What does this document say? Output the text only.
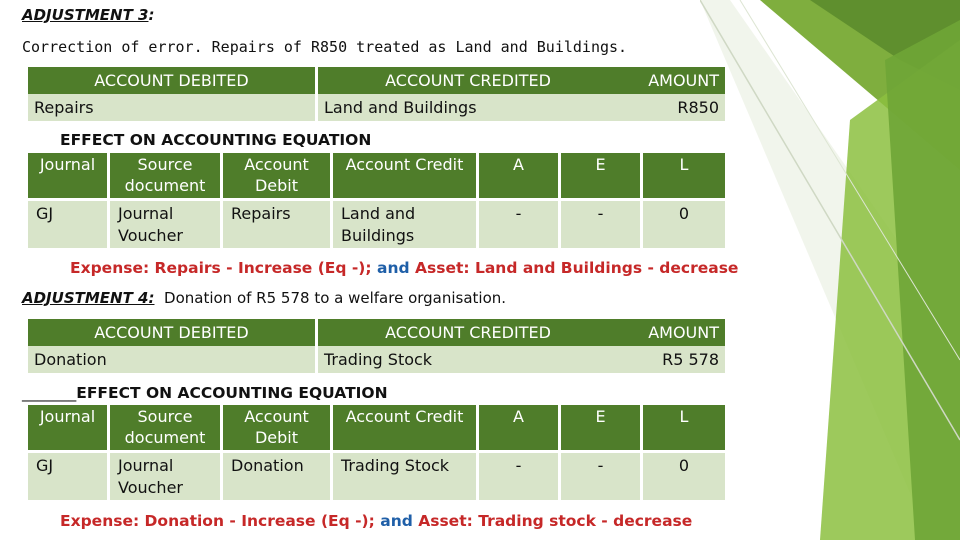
ADJUSTMENT 3:
Correction of error. Repairs of R850 treated as Land and Buildings.
ACCOUNT DEBITED	ACCOUNT CREDITED	AMOUNT
Repairs	Land and Buildings	R850
EFFECT ON ACCOUNTING EQUATION
Journal	Source document	Account Debit	Account Credit	A	E	L
GJ	Journal Voucher	Repairs	Land and Buildings	-	-	0
Expense: Repairs - Increase (Eq -); and Asset: Land and Buildings - decrease
ADJUSTMENT 4: Donation of R5 578 to a welfare organisation.
ACCOUNT DEBITED	ACCOUNT CREDITED	AMOUNT
Donation	Trading Stock	R5 578
_______EFFECT ON ACCOUNTING EQUATION
Journal	Source document	Account Debit	Account Credit	A	E	L
GJ	Journal Voucher	Donation	Trading Stock	-	-	0
Expense: Donation - Increase (Eq -); and Asset: Trading stock - decrease
